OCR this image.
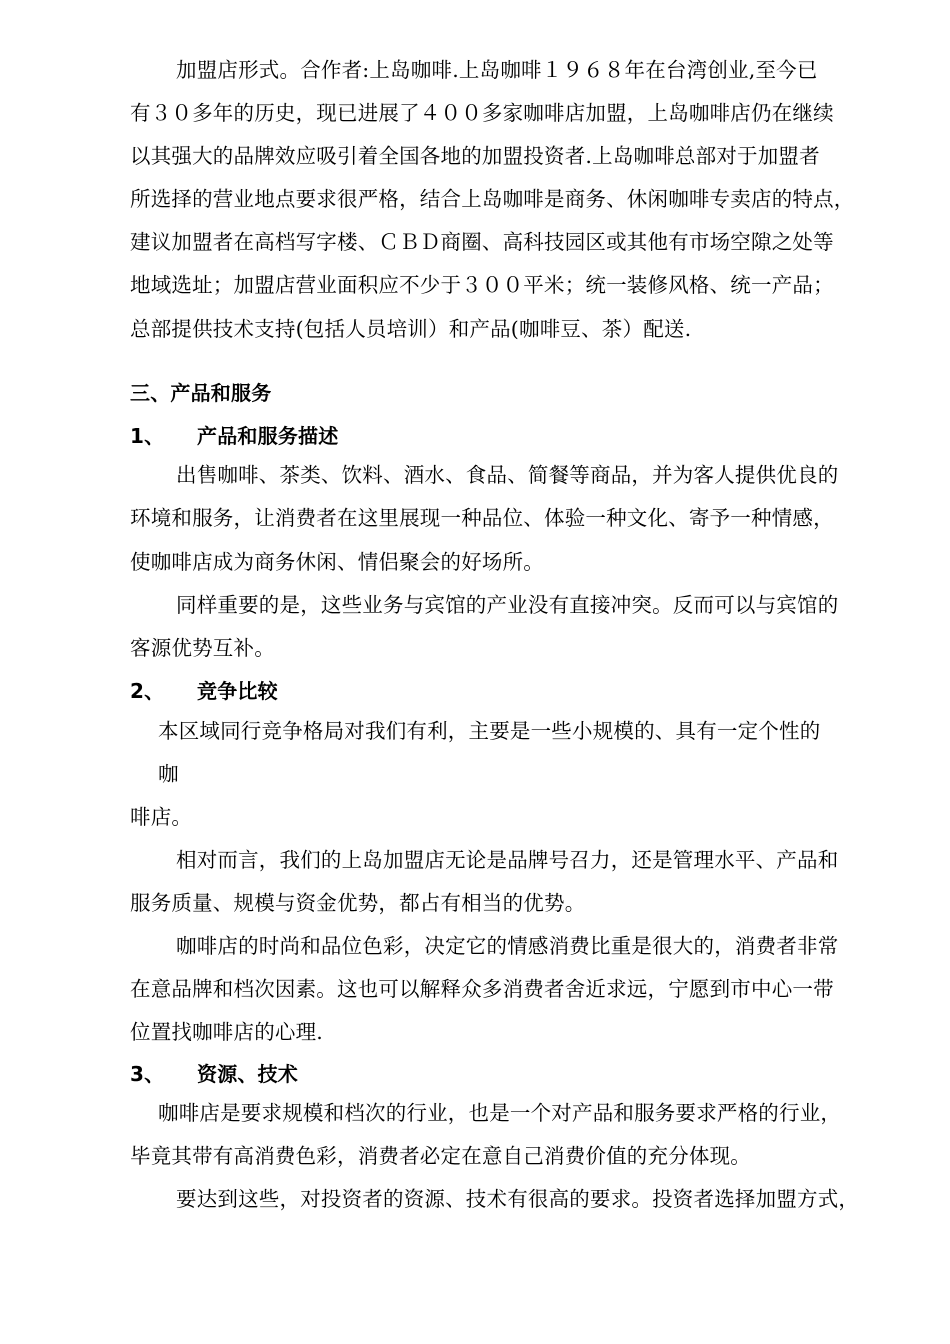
加盟店形式。合作者:上岛咖啡.上岛咖啡１９６８年在台湾创业,至今已
有３０多年的历史，现已进展了４００多家咖啡店加盟，上岛咖啡店仍在继续
以其强大的品牌效应吸引着全国各地的加盟投资者.上岛咖啡总部对于加盟者
所选择的营业地点要求很严格，结合上岛咖啡是商务、休闲咖啡专卖店的特点，
建议加盟者在高档写字楼、ＣＢＤ商圈、高科技园区或其他有市场空隙之处等
地域选址；加盟店营业面积应不少于３００平米；统一装修风格、统一产品；
总部提供技术支持(包括人员培训）和产品(咖啡豆、茶）配送.
三、产品和服务
1、 产品和服务描述
出售咖啡、茶类、饮料、酒水、食品、简餐等商品，并为客人提供优良的
环境和服务，让消费者在这里展现一种品位、体验一种文化、寄予一种情感，
使咖啡店成为商务休闲、情侣聚会的好场所。
同样重要的是，这些业务与宾馆的产业没有直接冲突。反而可以与宾馆的
客源优势互补。
2、 竞争比较
本区域同行竞争格局对我们有利，主要是一些小规模的、具有一定个性的
咖
啡店。
相对而言，我们的上岛加盟店无论是品牌号召力，还是管理水平、产品和
服务质量、规模与资金优势，都占有相当的优势。
咖啡店的时尚和品位色彩，决定它的情感消费比重是很大的，消费者非常
在意品牌和档次因素。这也可以解释众多消费者舍近求远，宁愿到市中心一带
位置找咖啡店的心理.
3、 资源、技术
咖啡店是要求规模和档次的行业，也是一个对产品和服务要求严格的行业，
毕竟其带有高消费色彩，消费者必定在意自己消费价值的充分体现。
要达到这些，对投资者的资源、技术有很高的要求。投资者选择加盟方式，
